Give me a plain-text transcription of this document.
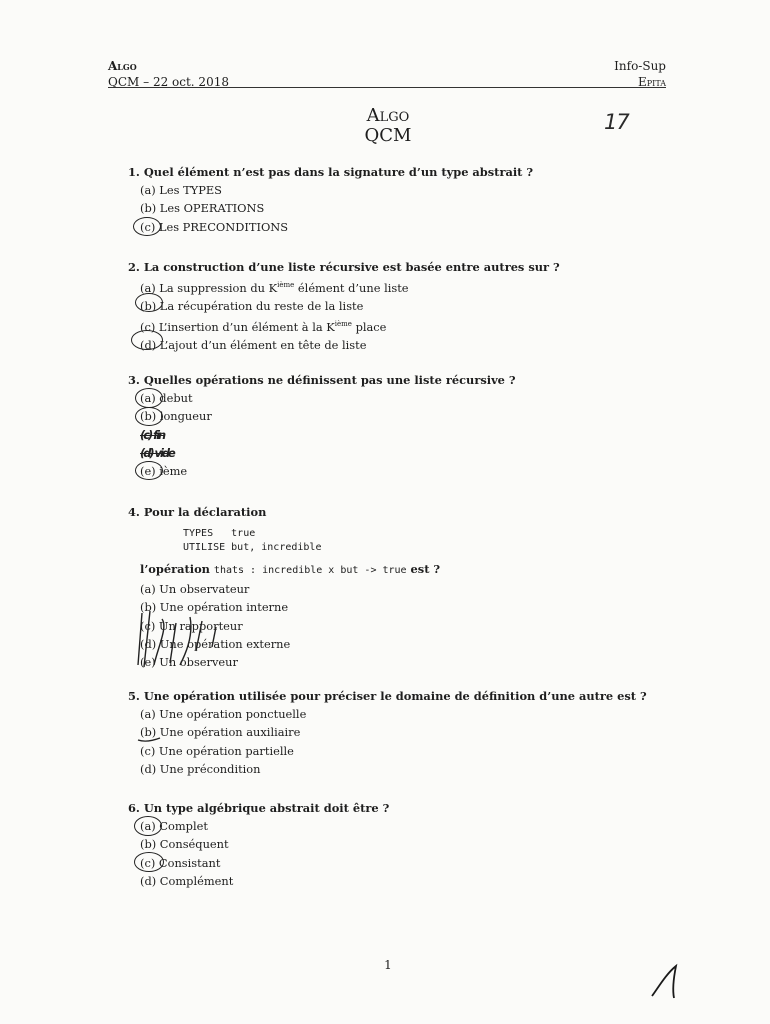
Algo
QCM – 22 oct. 2018
Info-Sup
Epita
Algo
QCM
17
1. Quel élément n’est pas dans la signature d’un type abstrait ?
(a) Les TYPES
(b) Les OPERATIONS
(c) Les PRECONDITIONS
2. La construction d’une liste récursive est basée entre autres sur ?
(a) La suppression du $K^{ième}$ élément d’une liste
(b) La récupération du reste de la liste
(c) L’insertion d’un élément à la $K^{ième}$ place
(d) L’ajout d’un élément en tête de liste
3. Quelles opérations ne définissent pas une liste récursive ?
(a) debut
(b) longueur
(c) fin
(d) vide
(e) ième
4. Pour la déclaration
TYPES   true
UTILISE but, incredible
l’opération thats : incredible x but -> true est ?
(a) Un observateur
(b) Une opération interne
(c) Un rapporteur
(d) Une opération externe
(e) Un observeur
5. Une opération utilisée pour préciser le domaine de définition d’une autre est ?
(a) Une opération ponctuelle
(b) Une opération auxiliaire
(c) Une opération partielle
(d) Une précondition
6. Un type algébrique abstrait doit être ?
(a) Complet
(b) Conséquent
(c) Consistant
(d) Complément
1
